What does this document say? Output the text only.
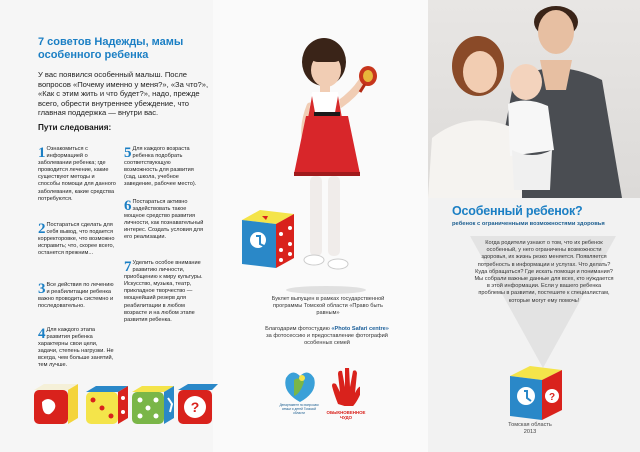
7 советов Надежды, мамы особенного ребенка
У вас появился особенный малыш. После вопросов «Почему именно у меня?», «За что?», «Как с этим жить и что будет?», надо, прежде всего, обрести внутреннее убеждение, что главная поддержка — внутри вас.
Пути следования:
1 Ознакомиться с информацией о заболевании ребенка; где проводится лечение, какие существуют методы и способы помощи для данного заболевания, какие средства потребуются.
2 Постараться сделать для себя вывод, что подается корректоровке, что возможно исправить; что, скорее всего, останется прежним...
3 Все действия по лечению и реабилитации ребенка важно проводить системно и последовательно.
4 Для каждого этапа развития ребенка характерны свои цели, задачи, степень нагрузки. Не всегда, чем больше занятий, тем лучше.
5 Для каждого возраста ребенка подобрать соответствующую возможность для развития (сад, школа, учебное заведение, рабочее место).
6 Постараться активно задействовать такое мощное средство развития личности, как познавательный интерес. Создать условия для его реализации.
7 Уделить особое внимание развитию личности, приобщению к миру культуры. Искусство, музыка, театр, прикладное творчество — мощнейший резерв для реабилитации в любом возрасте и на любом этапе развития ребенка.
?
Буклет выпущен в рамках государственной программы Томской области «Право быть равным»
Благодарим фотостудию «Photo Safari centre» за фотосессию и предоставление фотографий особенных семей
Департамент по вопросам семьи и детей Томской области	ОБЫКНОВЕННОЕ ЧУДО
Особенный ребенок?
ребенок с ограниченными возможностями здоровья
Когда родители узнают о том, что их ребенок особенный, у него ограничены возможности здоровья, их жизнь резко меняется. Появляется потребность в информации и услугах. Что делать? Куда обращаться? Где искать помощи и понимания? Мы собрали важные данные для всех, кто нуждается в этой информации. Если у вашего ребенка проблемы в развитии, постешите к специалистам, которые могут ему помочь!
?
Томская область
2013
